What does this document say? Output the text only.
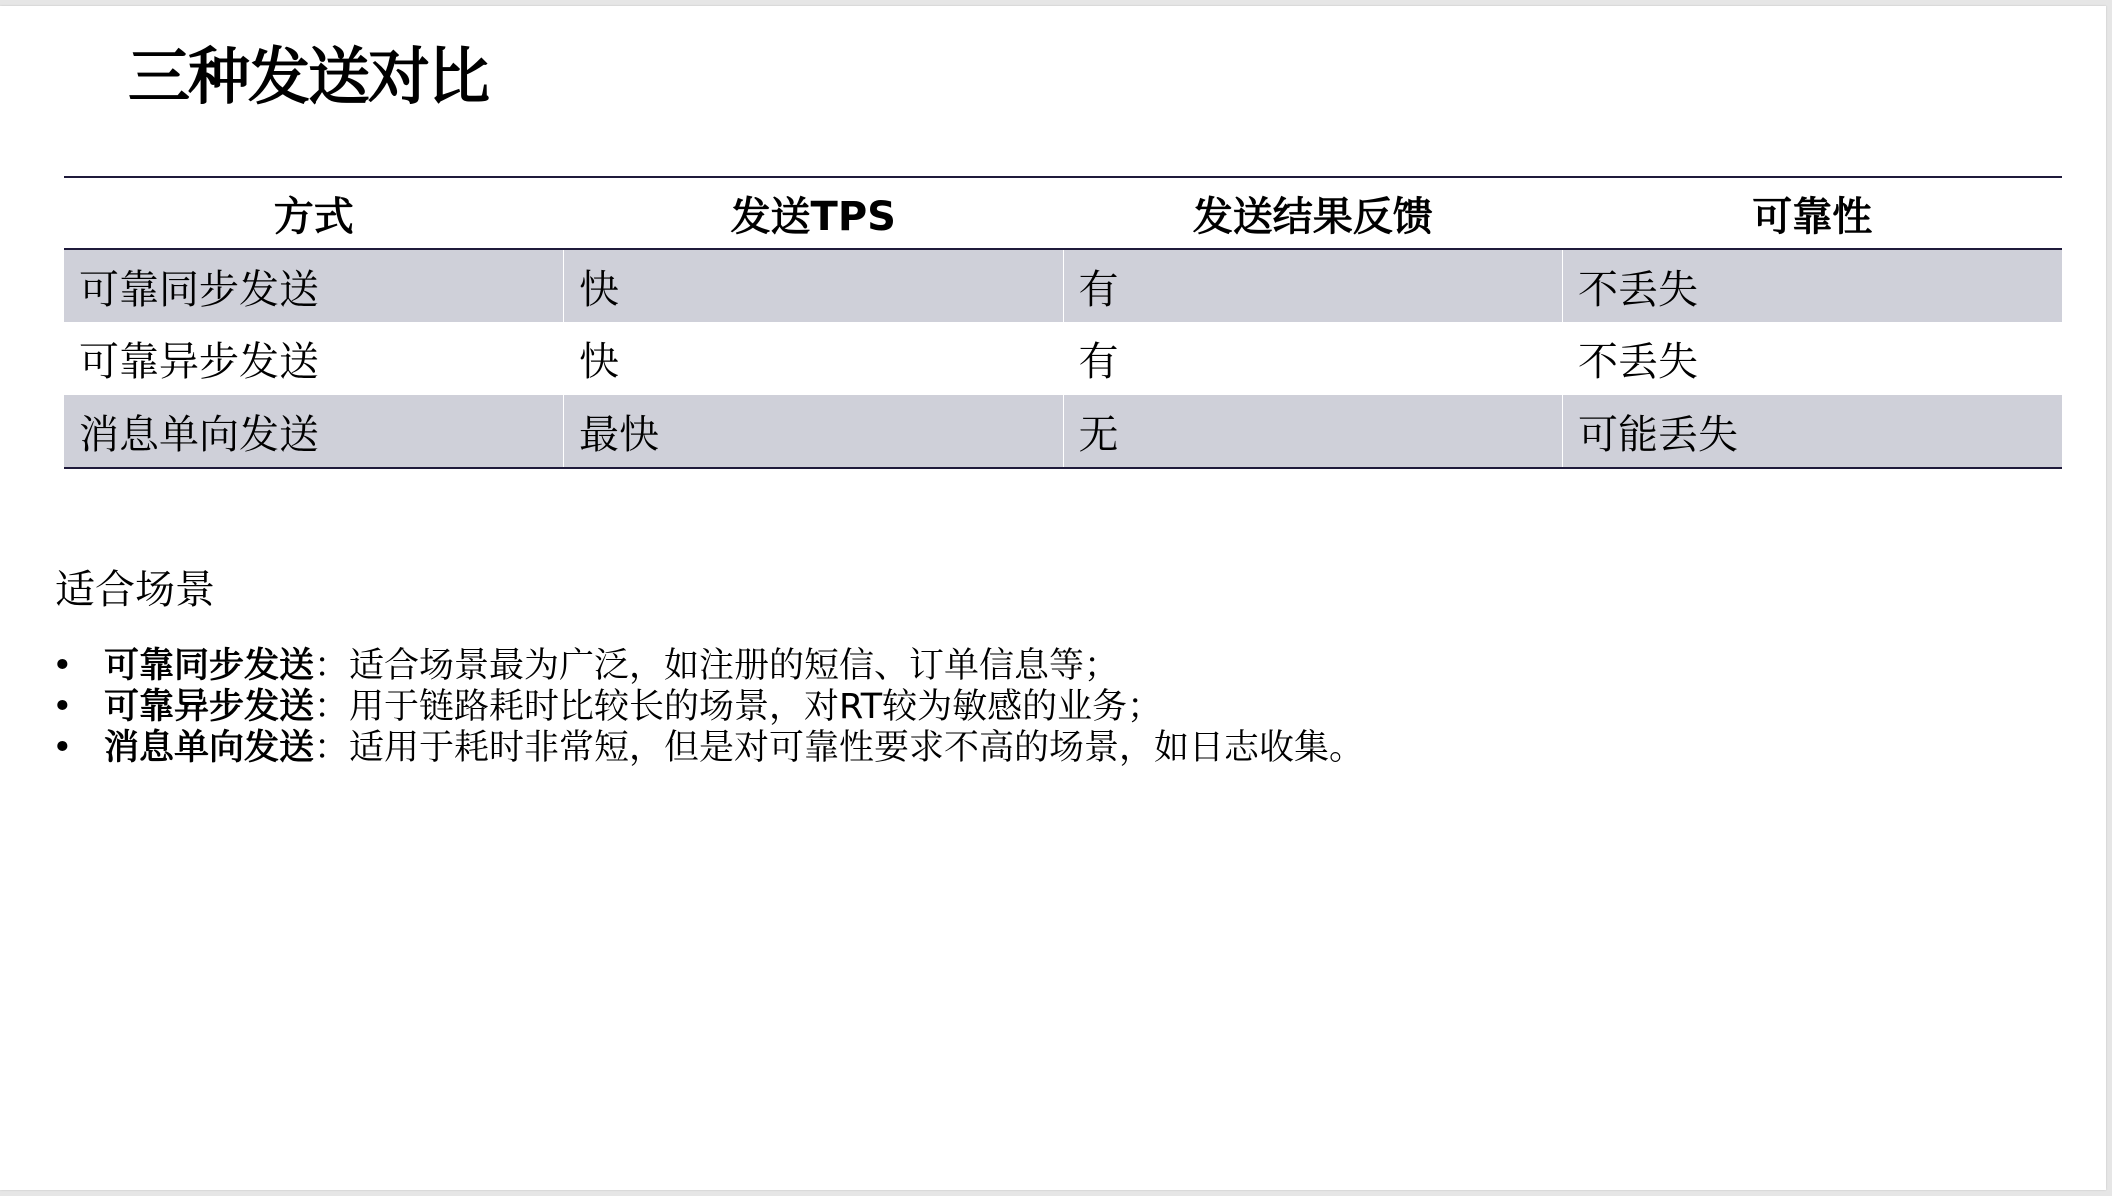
三种发送对比
方式	发送TPS	发送结果反馈	可靠性
可靠同步发送	快	有	不丢失
可靠异步发送	快	有	不丢失
消息单向发送	最快	无	可能丢失
适合场景
• 可靠同步发送：适合场景最为广泛，如注册的短信、订单信息等；
• 可靠异步发送：用于链路耗时比较长的场景，对RT较为敏感的业务；
• 消息单向发送：适用于耗时非常短，但是对可靠性要求不高的场景，如日志收集。
